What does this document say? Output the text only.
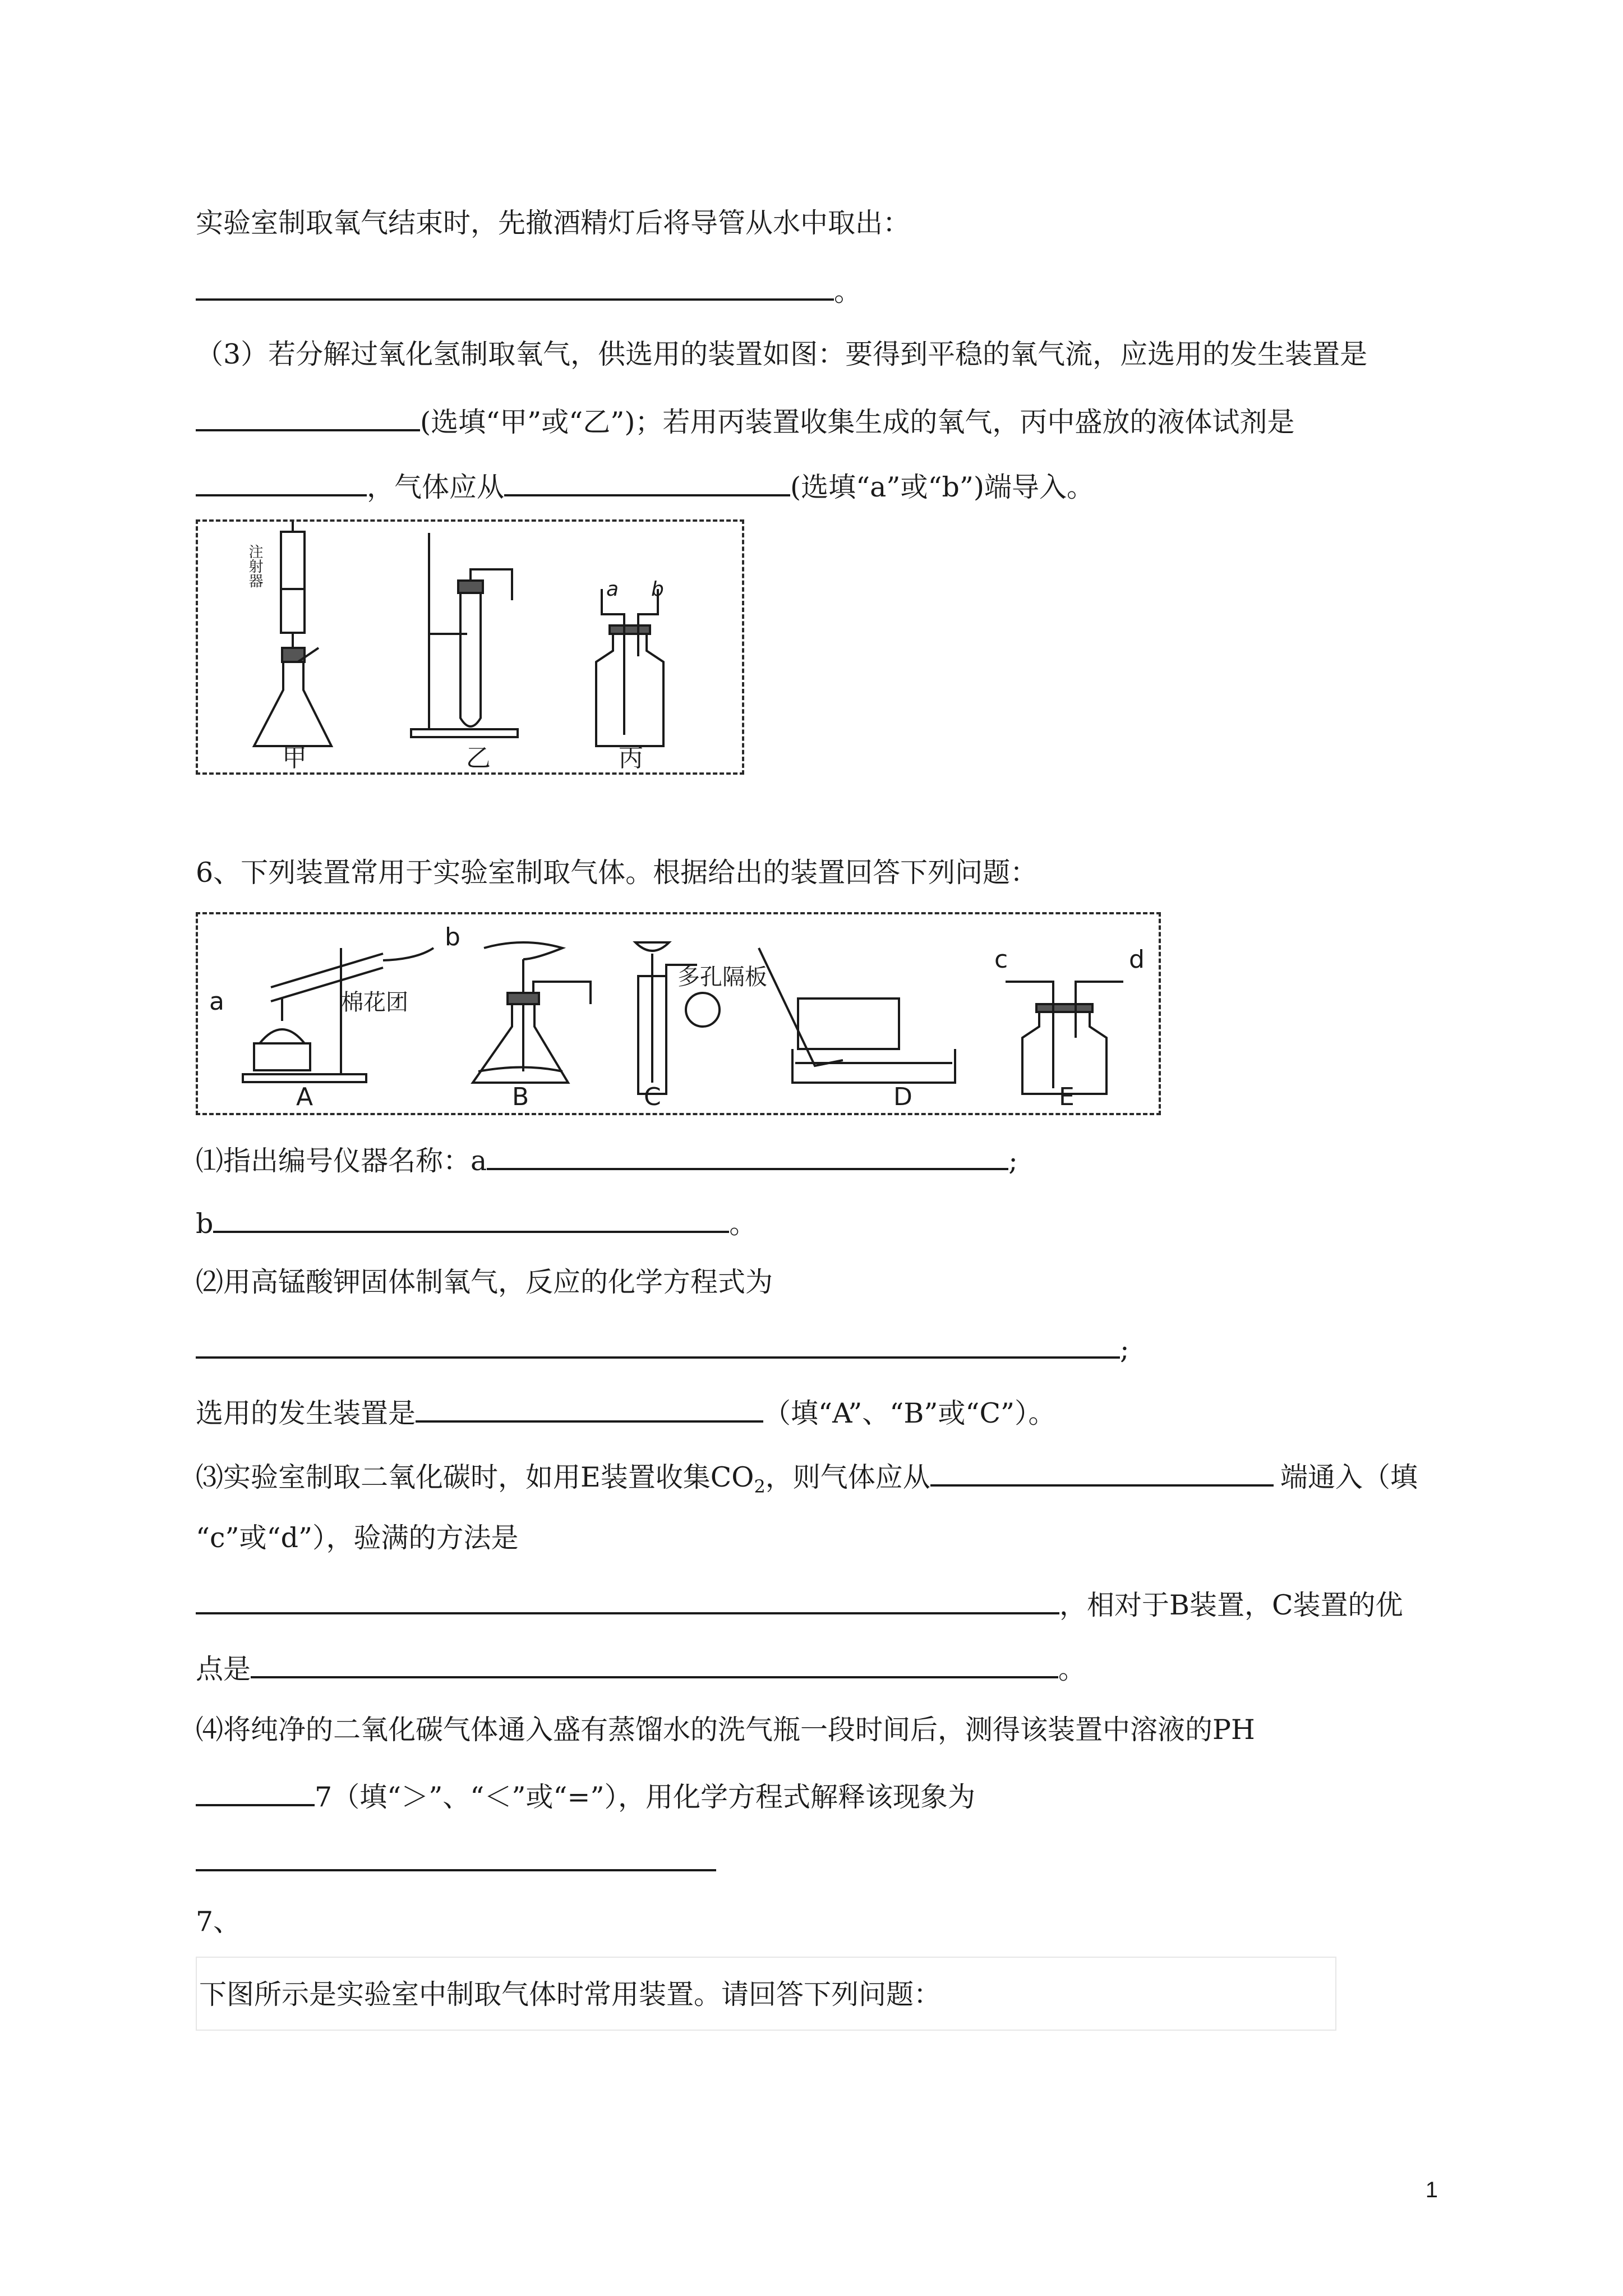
实验室制取氧气结束时，先撤酒精灯后将导管从水中取出：
。
（3）若分解过氧化氢制取氧气，供选用的装置如图：要得到平稳的氧气流，应选用的发生装置是
(选填“甲”或“乙”)；若用丙装置收集生成的氧气，丙中盛放的液体试剂是
，气体应从	(选填“a”或“b”)端导入。
注射器
甲	乙	丙
a b
6、下列装置常用于实验室制取气体。根据给出的装置回答下列问题：
a
b
c	d
棉花团
多孔隔板
A	B	C	D	E
⑴指出编号仪器名称：a	;
b	。
⑵用高锰酸钾固体制氧气，反应的化学方程式为
;
选用的发生装置是	（填“A”、“B”或“C”）。
⑶实验室制取二氧化碳时，如用E装置收集$CO_2$，则气体应从	端通入（填
“c”或“d”），验满的方法是
，相对于B装置，C装置的优
点是	。
⑷将纯净的二氧化碳气体通入盛有蒸馏水的洗气瓶一段时间后，测得该装置中溶液的PH
7（填“＞”、“＜”或“=”），用化学方程式解释该现象为
7、
下图所示是实验室中制取气体时常用装置。请回答下列问题：
1
